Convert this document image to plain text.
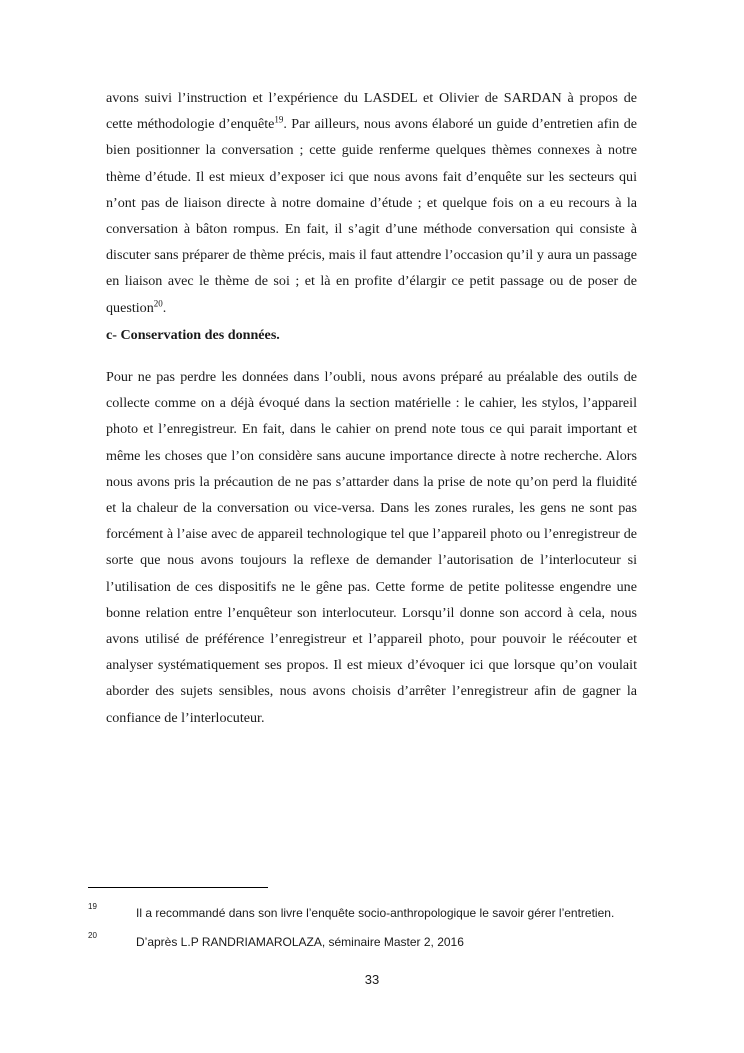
avons suivi l’instruction et l’expérience du LASDEL et Olivier de SARDAN à propos de cette méthodologie d’enquête$^{19}$. Par ailleurs, nous avons élaboré un guide d’entretien afin de bien positionner la conversation ; cette guide renferme quelques thèmes connexes à notre thème d’étude. Il est mieux d’exposer ici que nous avons fait d’enquête sur les secteurs qui n’ont pas de liaison directe à notre domaine d’étude ; et quelque fois on a eu recours à la conversation à bâton rompus. En fait, il s’agit d’une méthode conversation qui consiste à discuter sans préparer de thème précis, mais il faut attendre l’occasion qu’il y aura un passage en liaison avec le thème de soi ; et là en profite d’élargir ce petit passage ou de poser de question$^{20}$.

c- Conservation des données.

Pour ne pas perdre les données dans l’oubli, nous avons préparé au préalable des outils de collecte comme on a déjà évoqué dans la section matérielle : le cahier, les stylos, l’appareil photo et l’enregistreur. En fait, dans le cahier on prend note tous ce qui parait important et même les choses que l’on considère sans aucune importance directe à notre recherche. Alors nous avons pris la précaution de ne pas s’attarder dans la prise de note qu’on perd la fluidité et la chaleur de la conversation ou vice-versa. Dans les zones rurales, les gens ne sont pas forcément à l’aise avec de appareil technologique tel que l’appareil photo ou l’enregistreur de sorte que nous avons toujours la reflexe de demander l’autorisation de l’interlocuteur si l’utilisation de ces dispositifs ne le gêne pas. Cette forme de petite politesse engendre une bonne relation entre l’enquêteur son interlocuteur. Lorsqu’il donne son accord à cela, nous avons utilisé de préférence l’enregistreur et l’appareil photo, pour pouvoir le réécouter et analyser systématiquement ses propos. Il est mieux d’évoquer ici que lorsque qu’on voulait aborder des sujets sensibles, nous avons choisis d’arrêter l’enregistreur afin de gagner la confiance de l’interlocuteur.

19	Il a recommandé dans son livre l’enquête socio-anthropologique le savoir gérer l’entretien.
20	D’après L.P RANDRIAMAROLAZA, séminaire Master 2, 2016
33
